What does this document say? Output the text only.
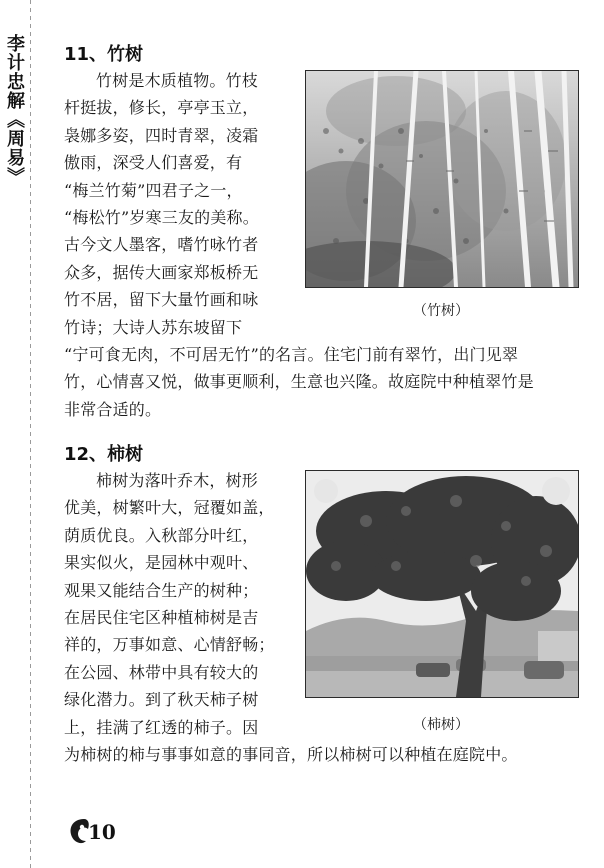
李计忠解《周易》 11、竹树
竹树是木质植物。竹枝
杆挺拔，修长，亭亭玉立，
袅娜多姿，四时青翠，凌霜
傲雨，深受人们喜爱，有
“梅兰竹菊”四君子之一，
“梅松竹”岁寒三友的美称。
古今文人墨客，嗜竹咏竹者
众多，据传大画家郑板桥无
竹不居，留下大量竹画和咏
竹诗；大诗人苏东坡留下
（竹树）
“宁可食无肉，不可居无竹”的名言。住宅门前有翠竹，出门见翠
竹，心情喜又悦，做事更顺利，生意也兴隆。故庭院中种植翠竹是
非常合适的。
12、柿树
柿树为落叶乔木，树形
优美，树繁叶大，冠覆如盖，
荫质优良。入秋部分叶红，
果实似火，是园林中观叶、
观果又能结合生产的树种；
在居民住宅区种植柿树是吉
祥的，万事如意、心情舒畅；
在公园、林带中具有较大的
绿化潜力。到了秋天柿子树
上，挂满了红透的柿子。因	（柿树）
为柿树的柿与事事如意的事同音，所以柿树可以种植在庭院中。
10
